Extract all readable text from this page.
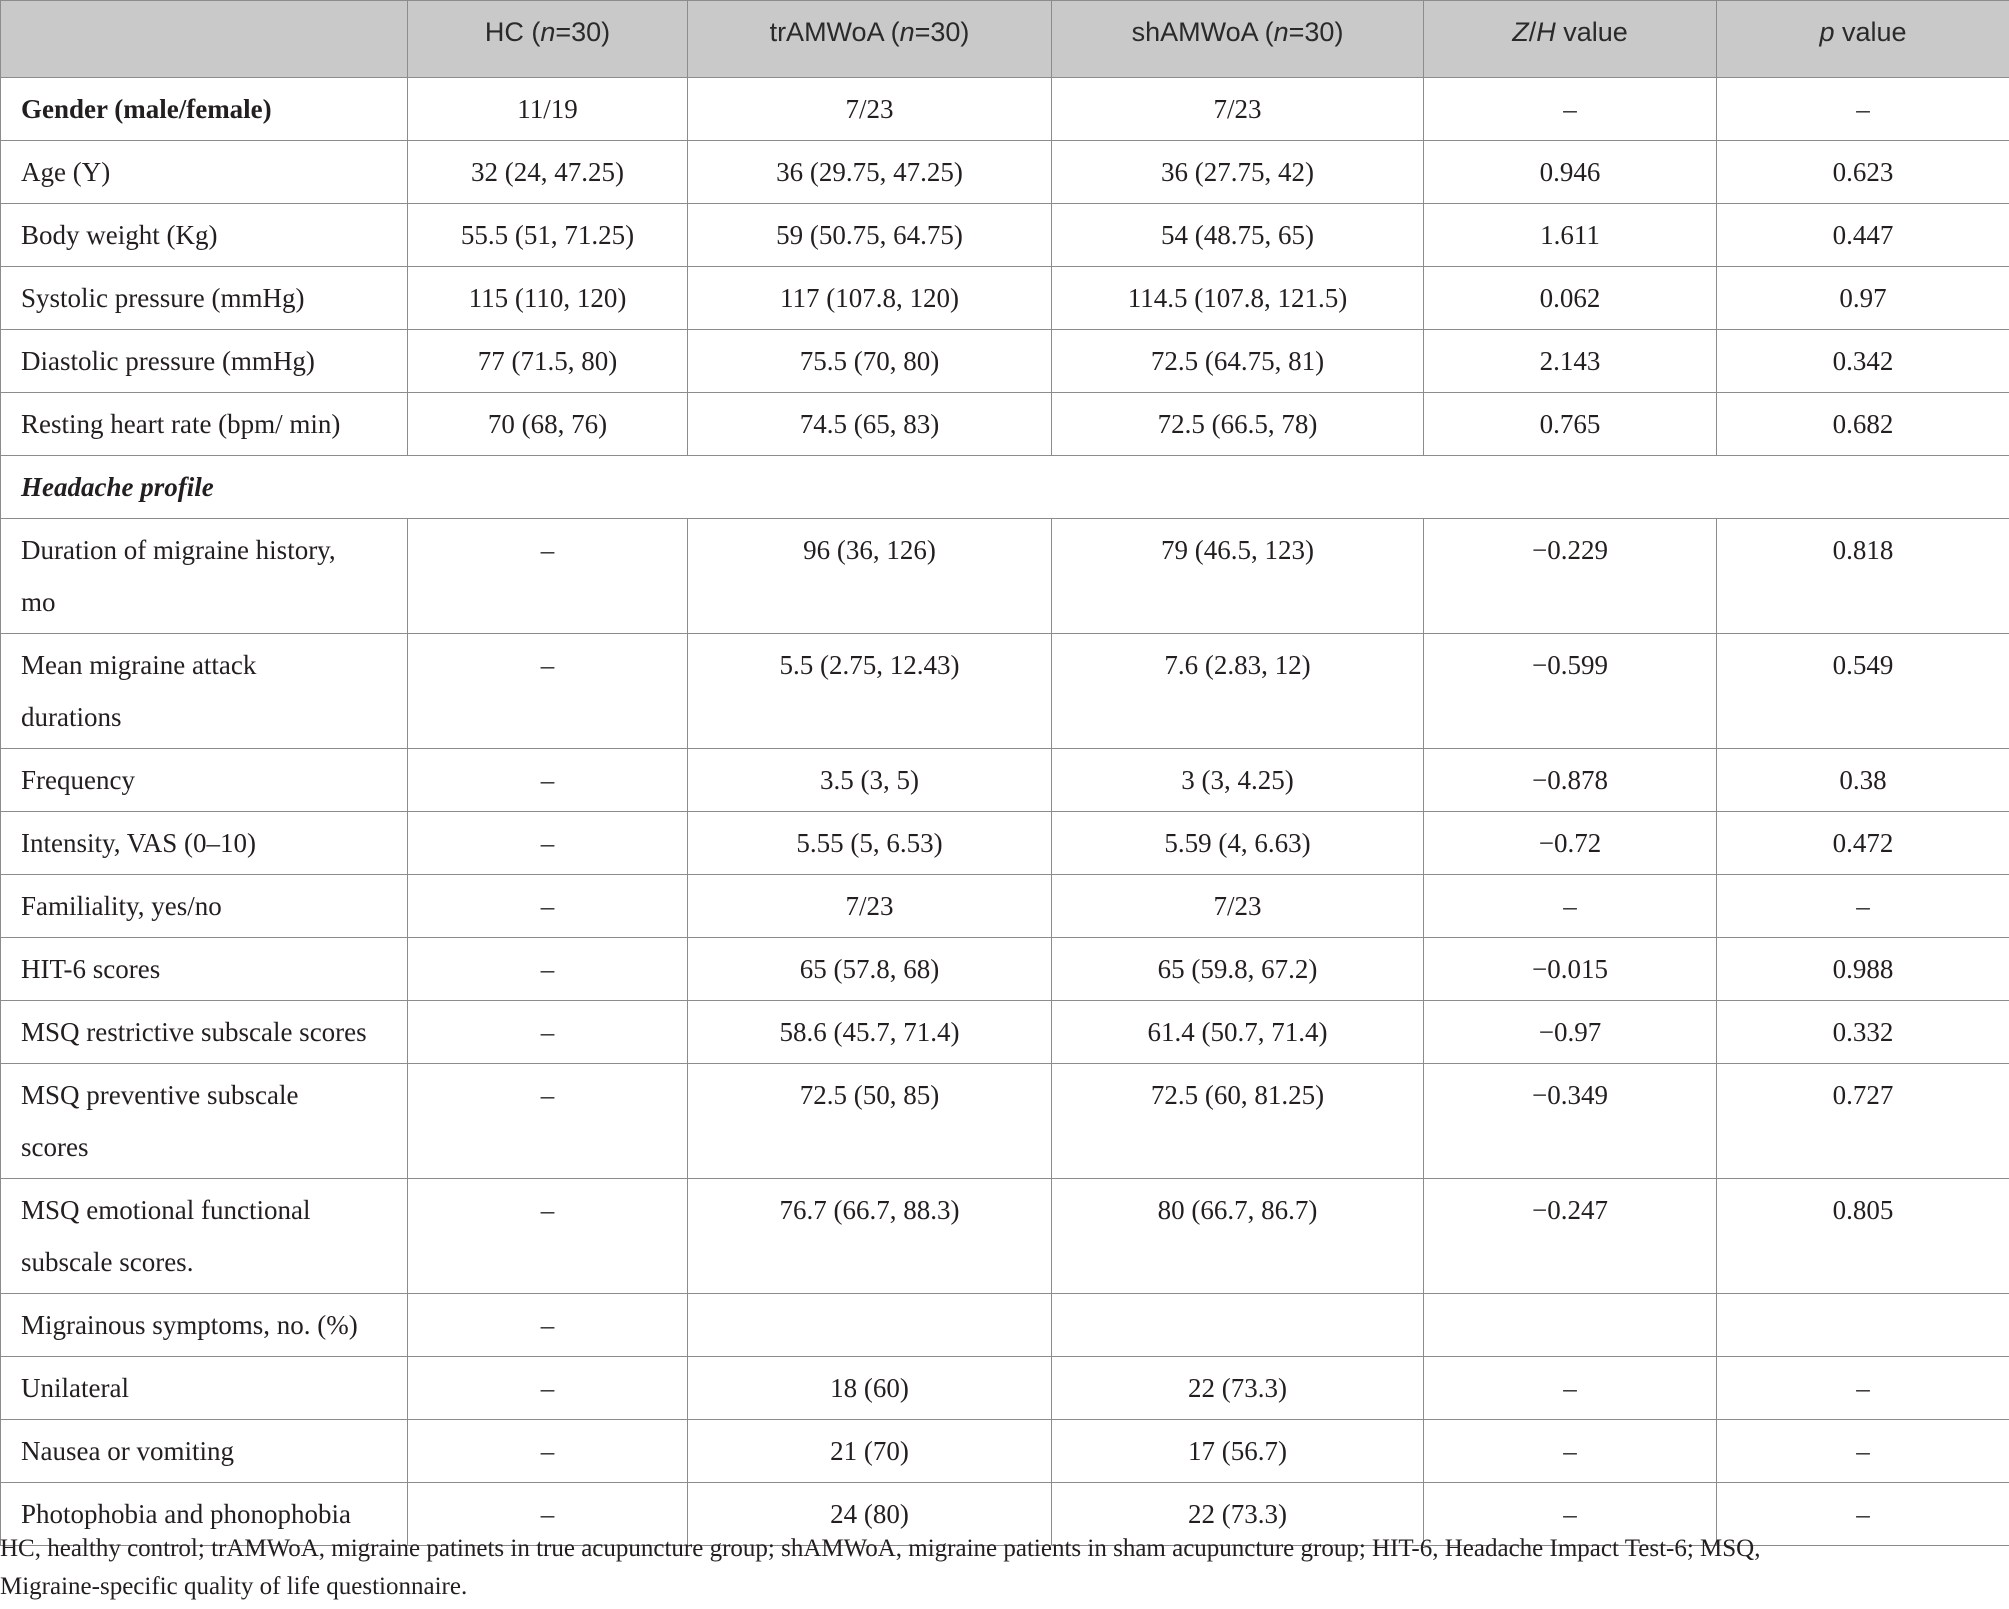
	HC (n=30)	trAMWoA (n=30)	shAMWoA (n=30)	Z/H value	p value

Gender (male/female)	11/19	7/23	7/23	–	–

Age (Y)	32 (24, 47.25)	36 (29.75, 47.25)	36 (27.75, 42)	0.946	0.623

Body weight (Kg)	55.5 (51, 71.25)	59 (50.75, 64.75)	54 (48.75, 65)	1.611	0.447

Systolic pressure (mmHg)	115 (110, 120)	117 (107.8, 120)	114.5 (107.8, 121.5)	0.062	0.97

Diastolic pressure (mmHg)	77 (71.5, 80)	75.5 (70, 80)	72.5 (64.75, 81)	2.143	0.342

Resting heart rate (bpm/ min)	70 (68, 76)	74.5 (65, 83)	72.5 (66.5, 78)	0.765	0.682
Headache profile					

Duration of migraine history,
mo	–	96 (36, 126)	79 (46.5, 123)	−0.229	0.818

Mean migraine attack
durations	–	5.5 (2.75, 12.43)	7.6 (2.83, 12)	−0.599	0.549

Frequency	–	3.5 (3, 5)	3 (3, 4.25)	−0.878	0.38

Intensity, VAS (0–10)	–	5.55 (5, 6.53)	5.59 (4, 6.63)	−0.72	0.472

Familiality, yes/no	–	7/23	7/23	–	–

HIT-6 scores	–	65 (57.8, 68)	65 (59.8, 67.2)	−0.015	0.988

MSQ restrictive subscale scores	–	58.6 (45.7, 71.4)	61.4 (50.7, 71.4)	−0.97	0.332

MSQ preventive subscale
scores	–	72.5 (50, 85)	72.5 (60, 81.25)	−0.349	0.727

MSQ emotional functional
subscale scores.	–	76.7 (66.7, 88.3)	80 (66.7, 86.7)	−0.247	0.805

Migrainous symptoms, no. (%)	–				

Unilateral	–	18 (60)	22 (73.3)	–	–

Nausea or vomiting	–	21 (70)	17 (56.7)	–	–

Photophobia and phonophobia	–	24 (80)	22 (73.3)	–	–
HC, healthy control; trAMWoA, migraine patinets in true acupuncture group; shAMWoA, migraine patients in sham acupuncture group; HIT-6, Headache Impact Test-6; MSQ,
Migraine-specific quality of life questionnaire.
